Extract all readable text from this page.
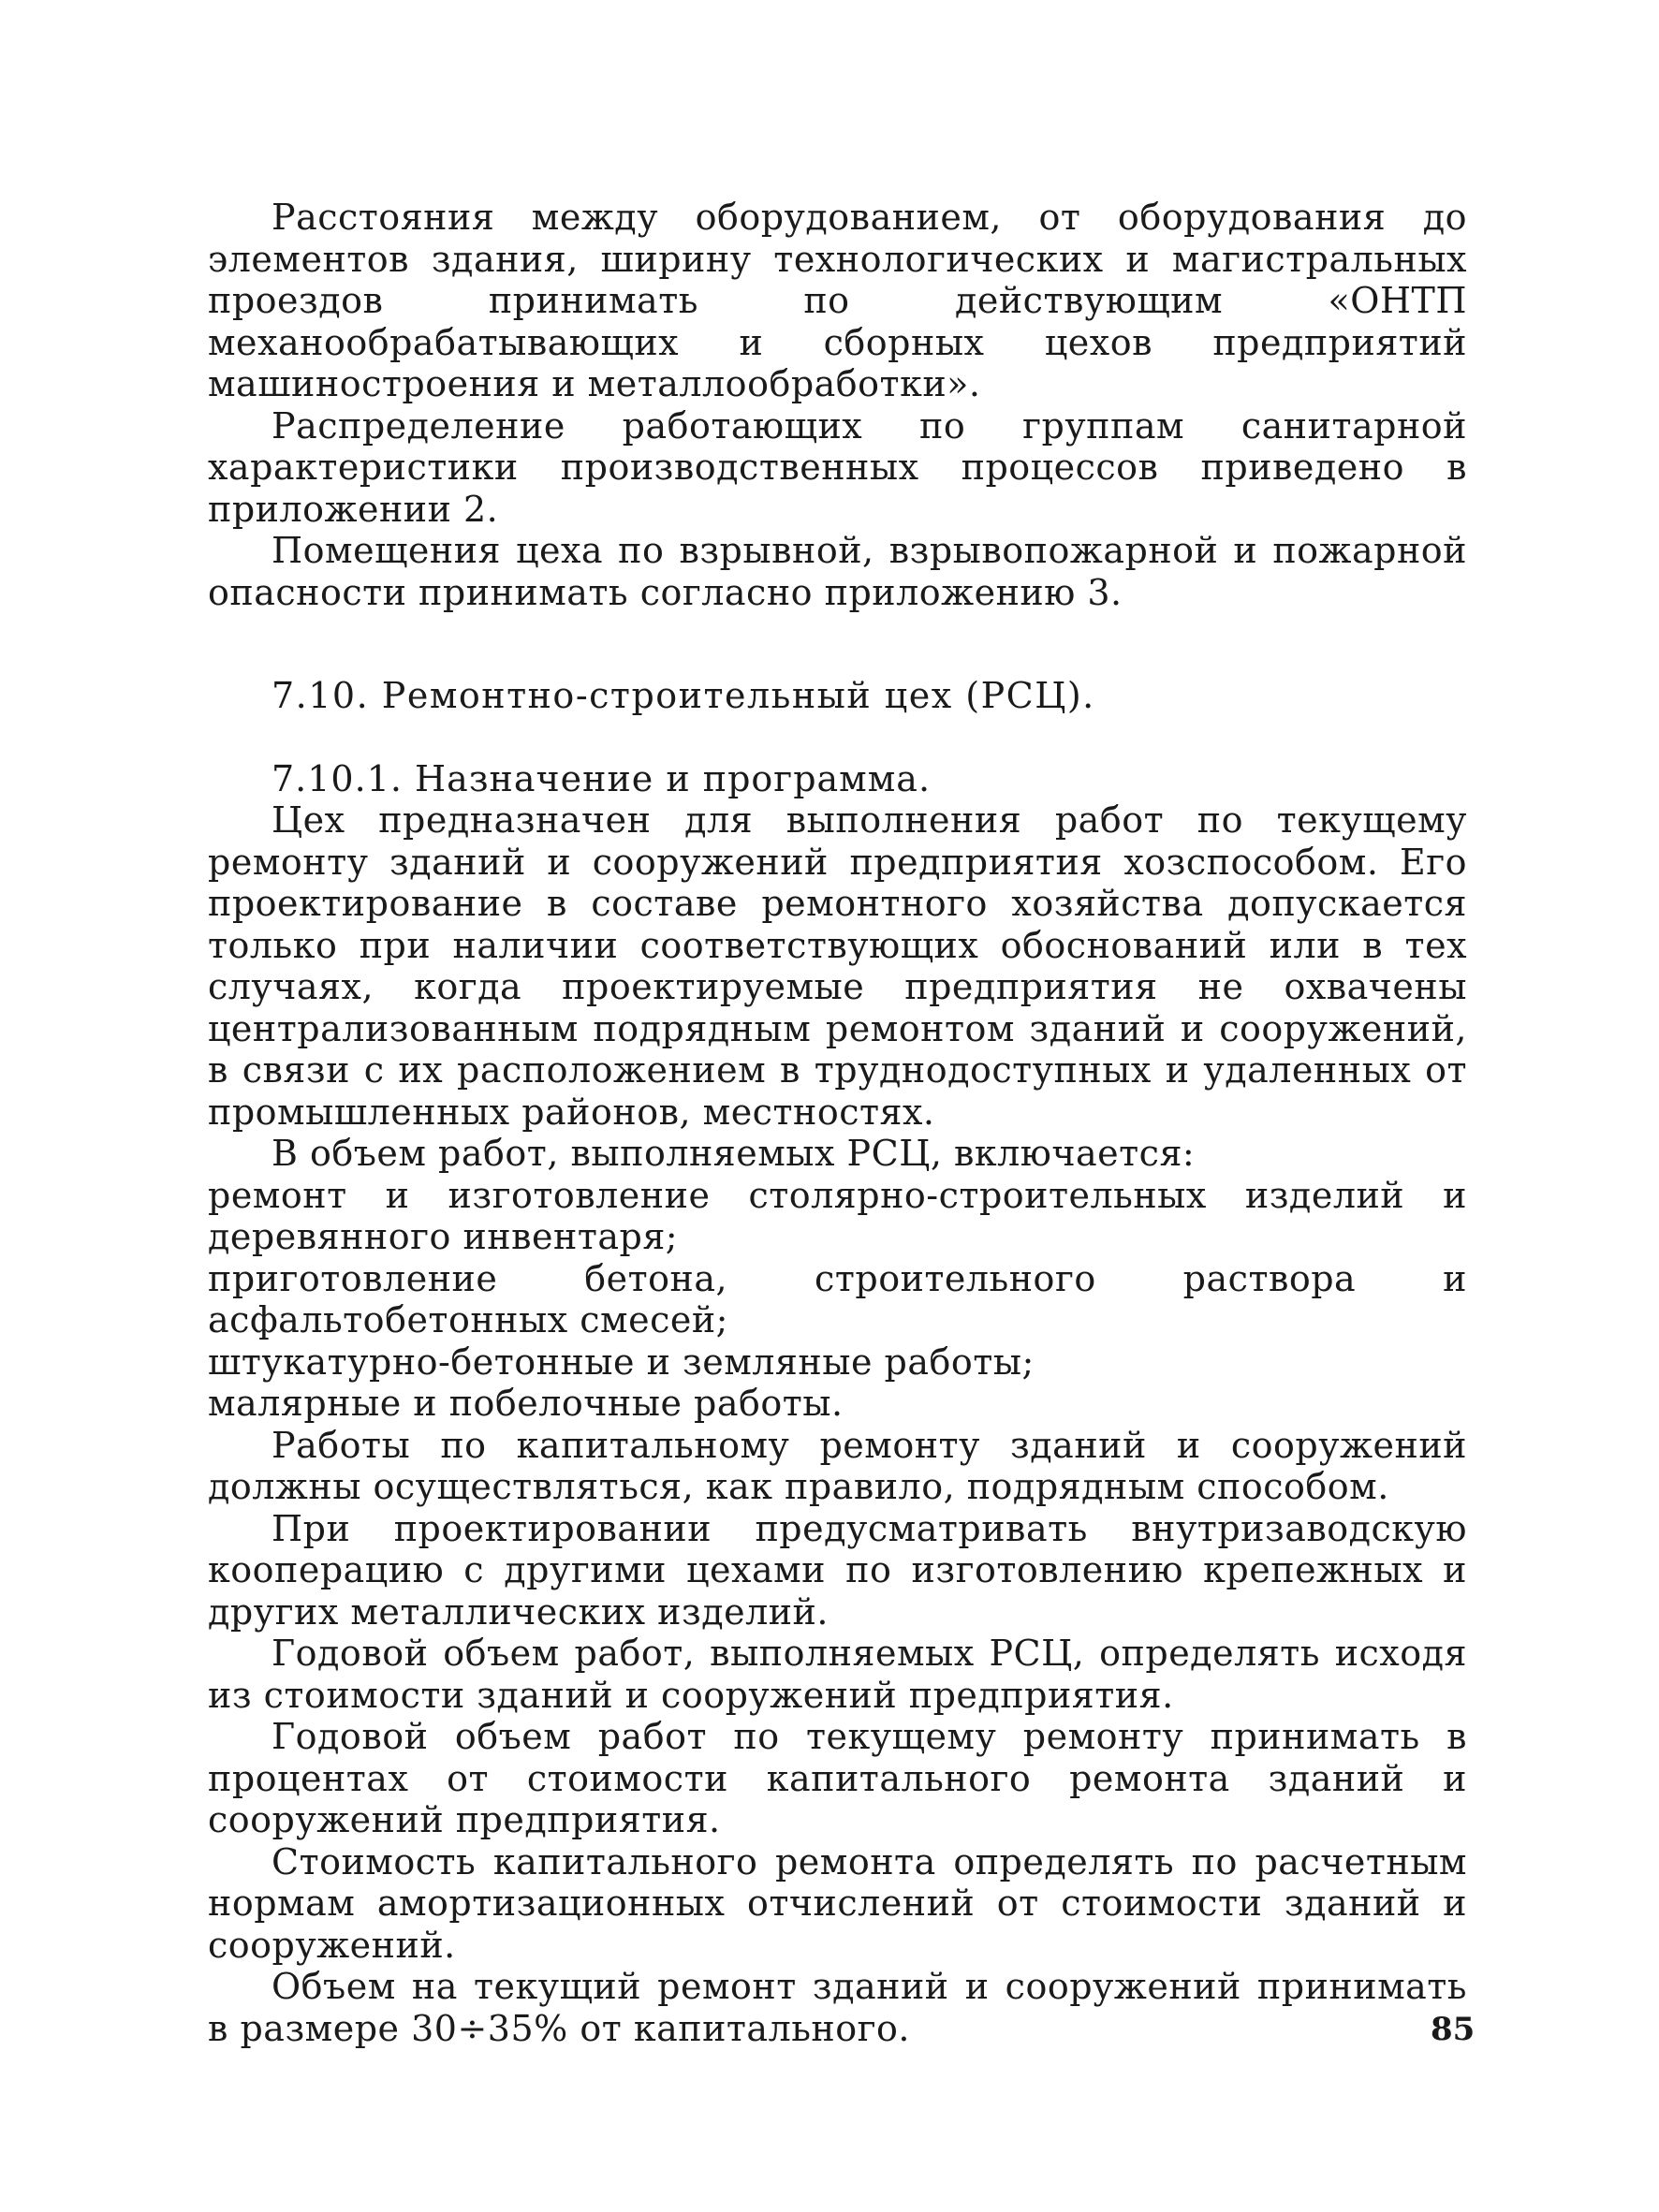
Расстояния между оборудованием, от оборудования до элементов здания, ширину технологических и магистральных проездов принимать по действующим «ОНТП механообрабатывающих и сборных цехов предприятий машиностроения и металлообработки».

Распределение работающих по группам санитарной характеристики производственных процессов приведено в приложении 2.

Помещения цеха по взрывной, взрывопожарной и пожарной опасности принимать согласно приложению 3.

7.10. Ремонтно-строительный цех (РСЦ).

7.10.1. Назначение и программа.

Цех предназначен для выполнения работ по текущему ремонту зданий и сооружений предприятия хозспособом. Его проектирование в составе ремонтного хозяйства допускается только при наличии соответствующих обоснований или в тех случаях, когда проектируемые предприятия не охвачены централизованным подрядным ремонтом зданий и сооружений, в связи с их расположением в труднодоступных и удаленных от промышленных районов, местностях.

В объем работ, выполняемых РСЦ, включается:

ремонт и изготовление столярно-строительных изделий и деревянного инвентаря;

приготовление бетона, строительного раствора и асфальтобетонных смесей;

штукатурно-бетонные и земляные работы;

малярные и побелочные работы.

Работы по капитальному ремонту зданий и сооружений должны осуществляться, как правило, подрядным способом.

При проектировании предусматривать внутризаводскую кооперацию с другими цехами по изготовлению крепежных и других металлических изделий.

Годовой объем работ, выполняемых РСЦ, определять исходя из стоимости зданий и сооружений предприятия.

Годовой объем работ по текущему ремонту принимать в процентах от стоимости капитального ремонта зданий и сооружений предприятия.

Стоимость капитального ремонта определять по расчетным нормам амортизационных отчислений от стоимости зданий и сооружений.

Объем на текущий ремонт зданий и сооружений принимать в размере 30÷35% от капитального.	85
